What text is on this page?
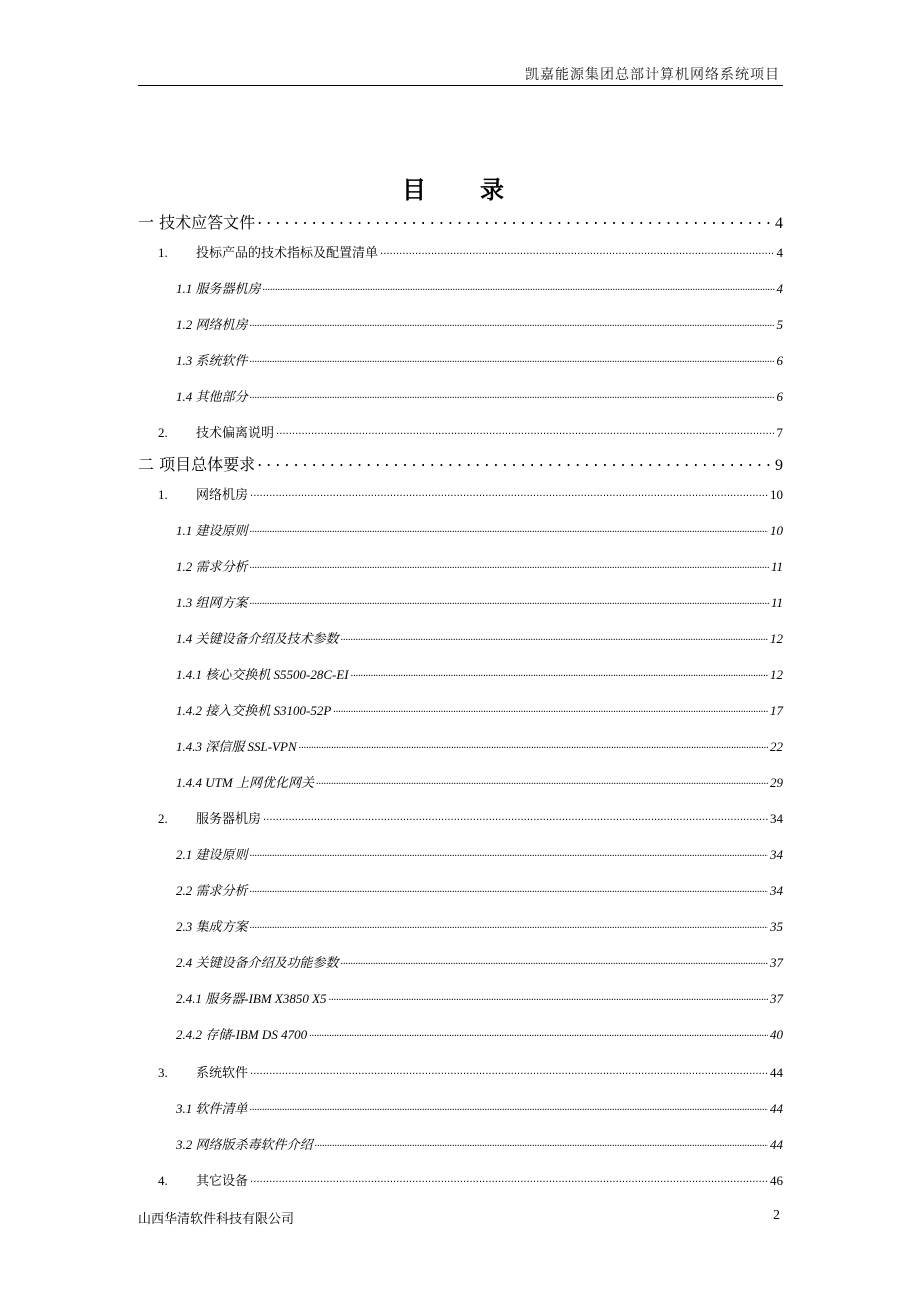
凯嘉能源集团总部计算机网络系统项目
目 录
一 技术应答文件 .....	4
1. 投标产品的技术指标及配置清单 .....	4
1.1 服务器机房 .....	4
1.2 网络机房 .....	5
1.3 系统软件 .....	6
1.4 其他部分 .....	6
2. 技术偏离说明 .....	7
二 项目总体要求 .....	9
1. 网络机房 .....	10
1.1 建设原则 .....	10
1.2 需求分析 .....	11
1.3 组网方案 .....	11
1.4 关键设备介绍及技术参数 .....	12
1.4.1 核心交换机 S5500-28C-EI .....	12
1.4.2 接入交换机 S3100-52P .....	17
1.4.3 深信服 SSL-VPN .....	22
1.4.4 UTM 上网优化网关 .....	29
2. 服务器机房 .....	34
2.1 建设原则 .....	34
2.2 需求分析 .....	34
2.3 集成方案 .....	35
2.4 关键设备介绍及功能参数 .....	37
2.4.1 服务器-IBM X3850 X5 .....	37
2.4.2 存储-IBM DS 4700 .....	40
3. 系统软件 .....	44
3.1 软件清单 .....	44
3.2 网络版杀毒软件介绍 .....	44
4. 其它设备 .....	46
山西华清软件科技有限公司	2
